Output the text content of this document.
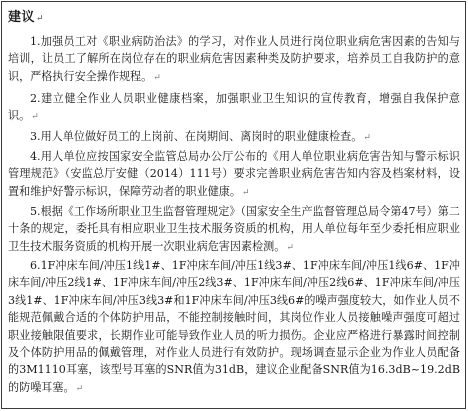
建议↵
1.加强员工对《职业病防治法》的学习，对作业人员进行岗位职业病危害因素的告知与培训，让员工了解所在岗位存在的职业病危害因素种类及防护要求，培养员工自我防护的意识，严格执行安全操作规程。↵
2.建立健全作业人员职业健康档案，加强职业卫生知识的宣传教育，增强自我保护意识。↵
3.用人单位做好员工的上岗前、在岗期间、离岗时的职业健康检查。↵
4.用人单位应按国家安全监管总局办公厅公布的《用人单位职业病危害告知与警示标识管理规范》（安监总厅安健（2014）111号）要求完善职业病危害告知内容及档案材料，设置和维护好警示标识，保障劳动者的职业健康。↵
5.根据《工作场所职业卫生监督管理规定》（国家安全生产监督管理总局令第47号）第二十条的规定，委托具有相应职业卫生技术服务资质的机构，用人单位每年至少委托相应职业卫生技术服务资质的机构开展一次职业病危害因素检测。↵
6.1F冲床车间/冲压1线1#、1F冲床车间/冲压1线3#、1F冲床车间/冲压1线6#、1F冲床车间/冲压2线1#、1F冲床车间/冲压2线3#、1F冲床车间/冲压2线6#、1F冲床车间/冲压3线1#、1F冲床车间/冲压3线3#和1F冲床车间/冲压3线6#的噪声强度较大，如作业人员不能规范佩戴合适的个体防护用品，不能控制接触时间，其岗位作业人员接触噪声强度可超过职业接触限值要求，长期作业可能导致作业人员的听力损伤。企业应严格进行暴露时间控制及个体防护用品的佩戴管理，对作业人员进行有效防护。现场调查显示企业为作业人员配备的3M1110耳塞，该型号耳塞的SNR值为31dB，建议企业配备SNR值为16.3dB~19.2dB的防噪耳塞。↵
